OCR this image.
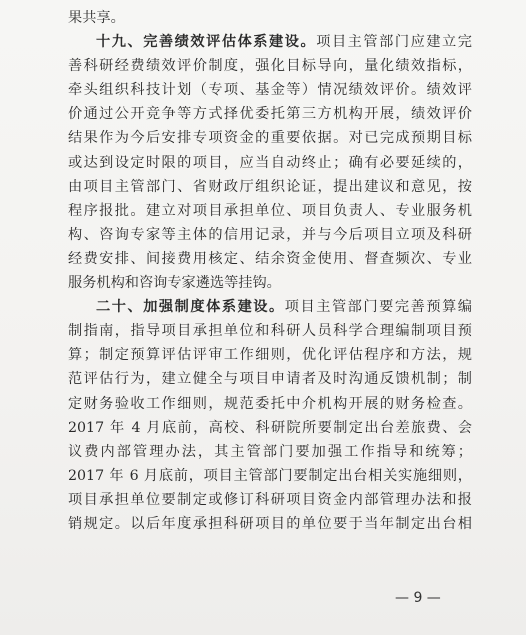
果共享。
十九、完善绩效评估体系建设。项目主管部门应建立完
善科研经费绩效评价制度，强化目标导向，量化绩效指标，
牵头组织科技计划（专项、基金等）情况绩效评价。绩效评
价通过公开竞争等方式择优委托第三方机构开展，绩效评价
结果作为今后安排专项资金的重要依据。对已完成预期目标
或达到设定时限的项目，应当自动终止；确有必要延续的，
由项目主管部门、省财政厅组织论证，提出建议和意见，按
程序报批。建立对项目承担单位、项目负责人、专业服务机
构、咨询专家等主体的信用记录，并与今后项目立项及科研
经费安排、间接费用核定、结余资金使用、督查频次、专业
服务机构和咨询专家遴选等挂钩。
二十、加强制度体系建设。项目主管部门要完善预算编
制指南，指导项目承担单位和科研人员科学合理编制项目预
算；制定预算评估评审工作细则，优化评估程序和方法，规
范评估行为，建立健全与项目申请者及时沟通反馈机制；制
定财务验收工作细则，规范委托中介机构开展的财务检查。
2017 年 4 月底前，高校、科研院所要制定出台差旅费、会
议费内部管理办法，其主管部门要加强工作指导和统筹；
2017 年 6 月底前，项目主管部门要制定出台相关实施细则，
项目承担单位要制定或修订科研项目资金内部管理办法和报
销规定。以后年度承担科研项目的单位要于当年制定出台相
— 9 —
